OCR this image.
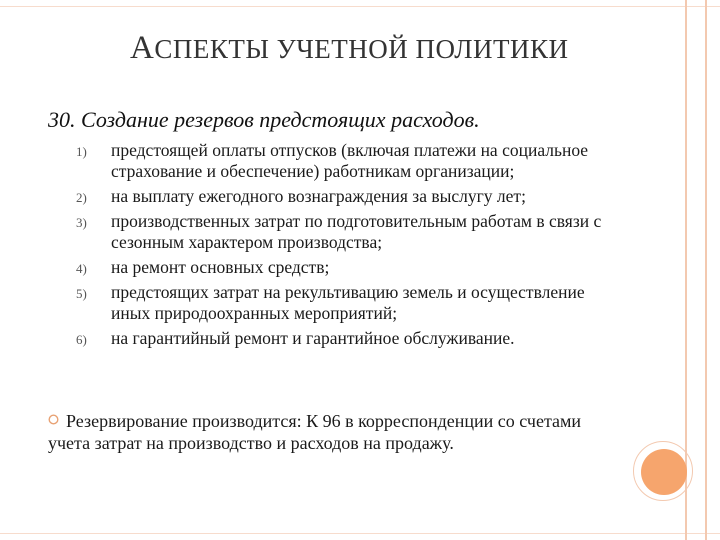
АСПЕКТЫ УЧЕТНОЙ ПОЛИТИКИ
30. Создание резервов предстоящих расходов.
1) предстоящей оплаты отпусков (включая платежи на социальное страхование и обеспечение) работникам организации;
2) на выплату ежегодного вознаграждения за выслугу лет;
3) производственных затрат по подготовительным работам в связи с сезонным характером производства;
4) на ремонт основных средств;
5) предстоящих затрат на рекультивацию земель и осуществление иных природоохранных мероприятий;
6) на гарантийный ремонт и гарантийное обслуживание.
Резервирование производится: К 96 в корреспонденции со счетами
учета затрат на производство и расходов на продажу.
